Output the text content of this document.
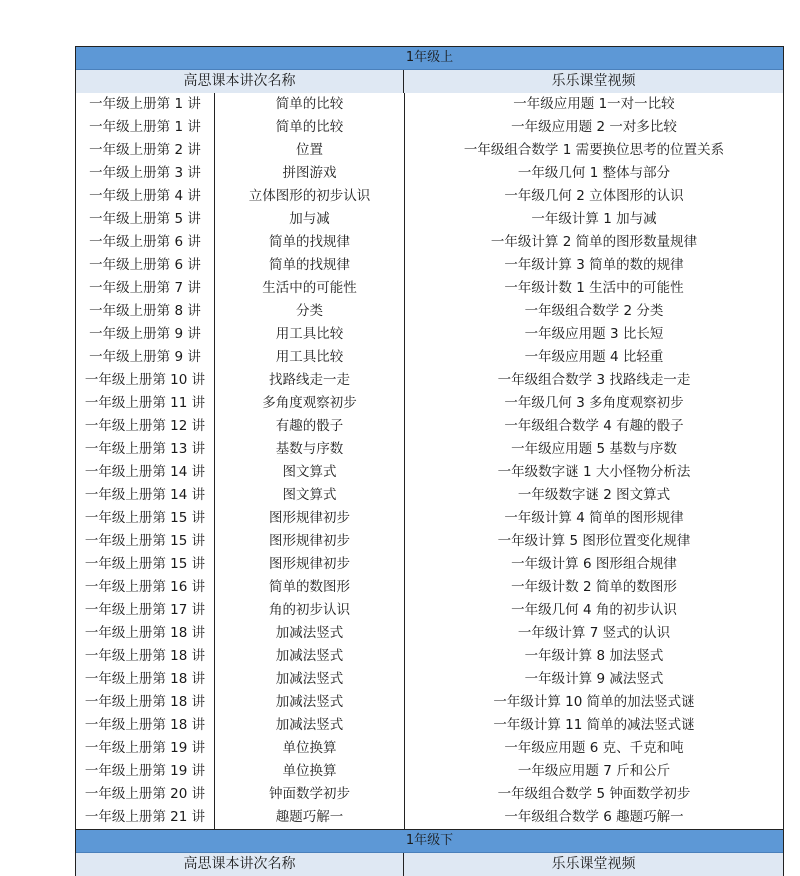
1年级上
高思课本讲次名称	乐乐课堂视频
一年级上册第 1 讲	简单的比较	一年级应用题 1一对一比较
一年级上册第 1 讲	简单的比较	一年级应用题 2 一对多比较
一年级上册第 2 讲	位置	一年级组合数学 1 需要换位思考的位置关系
一年级上册第 3 讲	拼图游戏	一年级几何 1 整体与部分
一年级上册第 4 讲	立体图形的初步认识	一年级几何 2 立体图形的认识
一年级上册第 5 讲	加与减	一年级计算 1 加与减
一年级上册第 6 讲	简单的找规律	一年级计算 2 简单的图形数量规律
一年级上册第 6 讲	简单的找规律	一年级计算 3 简单的数的规律
一年级上册第 7 讲	生活中的可能性	一年级计数 1 生活中的可能性
一年级上册第 8 讲	分类	一年级组合数学 2 分类
一年级上册第 9 讲	用工具比较	一年级应用题 3 比长短
一年级上册第 9 讲	用工具比较	一年级应用题 4 比轻重
一年级上册第 10 讲	找路线走一走	一年级组合数学 3 找路线走一走
一年级上册第 11 讲	多角度观察初步	一年级几何 3 多角度观察初步
一年级上册第 12 讲	有趣的骰子	一年级组合数学 4 有趣的骰子
一年级上册第 13 讲	基数与序数	一年级应用题 5 基数与序数
一年级上册第 14 讲	图文算式	一年级数字谜 1 大小怪物分析法
一年级上册第 14 讲	图文算式	一年级数字谜 2 图文算式
一年级上册第 15 讲	图形规律初步	一年级计算 4 简单的图形规律
一年级上册第 15 讲	图形规律初步	一年级计算 5 图形位置变化规律
一年级上册第 15 讲	图形规律初步	一年级计算 6 图形组合规律
一年级上册第 16 讲	简单的数图形	一年级计数 2 简单的数图形
一年级上册第 17 讲	角的初步认识	一年级几何 4 角的初步认识
一年级上册第 18 讲	加减法竖式	一年级计算 7 竖式的认识
一年级上册第 18 讲	加减法竖式	一年级计算 8 加法竖式
一年级上册第 18 讲	加减法竖式	一年级计算 9 减法竖式
一年级上册第 18 讲	加减法竖式	一年级计算 10 简单的加法竖式谜
一年级上册第 18 讲	加减法竖式	一年级计算 11 简单的减法竖式谜
一年级上册第 19 讲	单位换算	一年级应用题 6 克、千克和吨
一年级上册第 19 讲	单位换算	一年级应用题 7 斤和公斤
一年级上册第 20 讲	钟面数学初步	一年级组合数学 5 钟面数学初步
一年级上册第 21 讲	趣题巧解一	一年级组合数学 6 趣题巧解一
1年级下
高思课本讲次名称	乐乐课堂视频
